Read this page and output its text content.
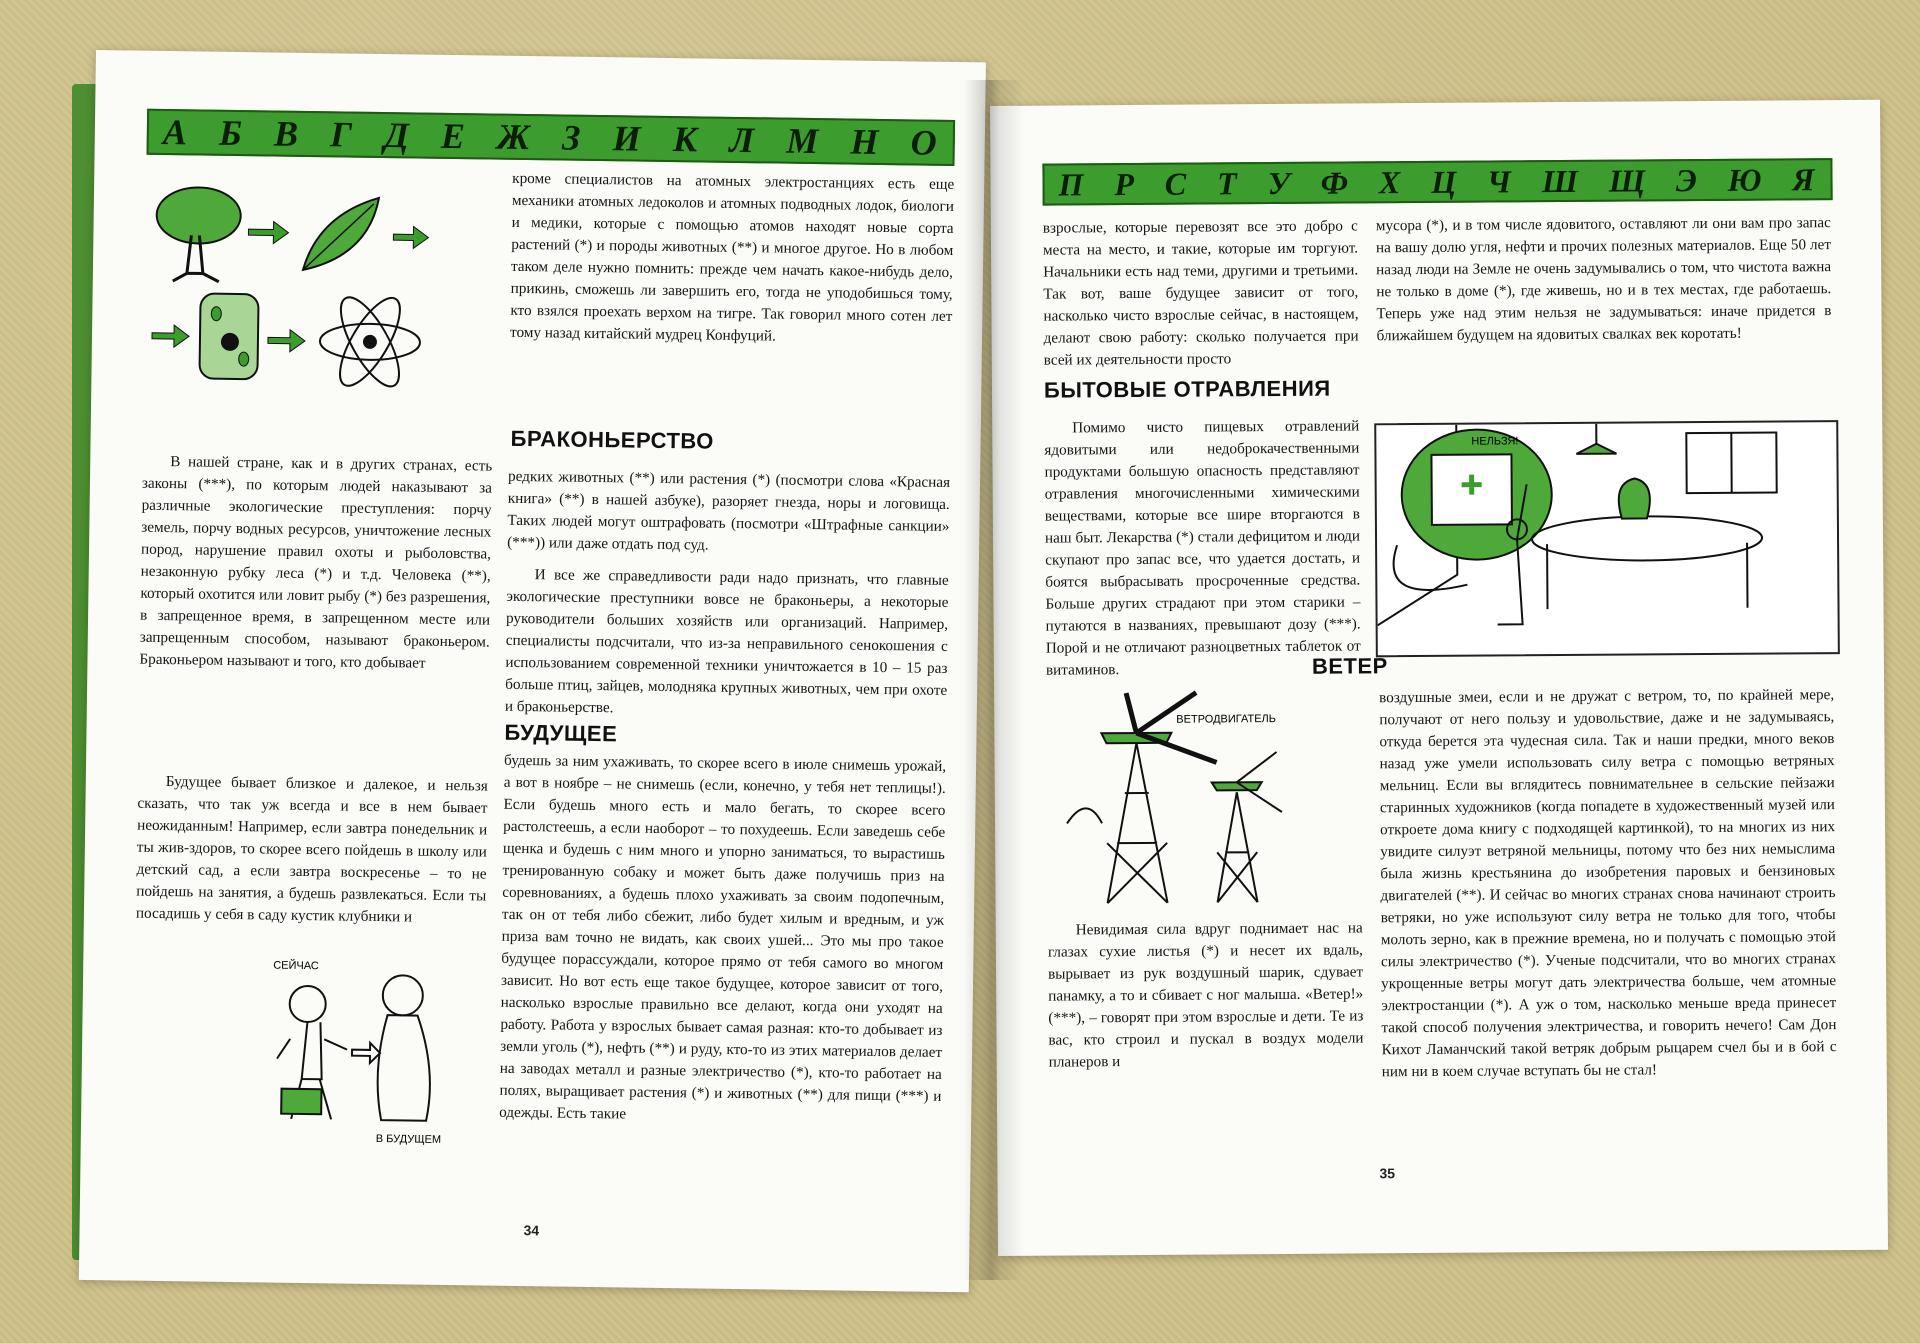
А Б В Г Д Е Ж З И К Л М Н О

кроме специалистов на атомных электростанциях есть еще механики атомных ледоколов и атомных подводных лодок, биологи и медики, которые с помощью атомов находят новые сорта растений (*) и породы животных (**) и многое другое. Но в любом таком деле нужно помнить: прежде чем начать какое-нибудь дело, прикинь, сможешь ли завершить его, тогда не уподобишься тому, кто взялся проехать верхом на тигре. Так говорил много сотен лет тому назад китайский мудрец Конфуций.

БРАКОНЬЕРСТВО

В нашей стране, как и в других странах, есть законы (***), по которым людей наказывают за различные экологические преступления: порчу земель, порчу водных ресурсов, уничтожение лесных пород, нарушение правил охоты и рыболовства, незаконную рубку леса (*) и т.д. Человека (**), который охотится или ловит рыбу (*) без разрешения, в запрещенное время, в запрещенном месте или запрещенным способом, называют браконьером. Браконьером называют и того, кто добывает

редких животных (**) или растения (*) (посмотри слова «Красная книга» (**) в нашей азбуке), разоряет гнезда, норы и логовища. Таких людей могут оштрафовать (посмотри «Штрафные санкции» (***)) или даже отдать под суд.

И все же справедливости ради надо признать, что главные экологические преступники вовсе не браконьеры, а некоторые руководители больших хозяйств или организаций. Например, специалисты подсчитали, что из-за неправильного сенокошения с использованием современной техники уничтожается в 10 – 15 раз больше птиц, зайцев, молодняка крупных животных, чем при охоте и браконьерстве.

БУДУЩЕЕ

Будущее бывает близкое и далекое, и нельзя сказать, что так уж всегда и все в нем бывает неожиданным! Например, если завтра понедельник и ты жив-здоров, то скорее всего пойдешь в школу или детский сад, а если завтра воскресенье – то не пойдешь на занятия, а будешь развлекаться. Если ты посадишь у себя в саду кустик клубники и

будешь за ним ухаживать, то скорее всего в июле снимешь урожай, а вот в ноябре – не снимешь (если, конечно, у тебя нет теплицы!). Если будешь много есть и мало бегать, то скорее всего растолстеешь, а если наоборот – то похудеешь. Если заведешь себе щенка и будешь с ним много и упорно заниматься, то вырастишь тренированную собаку и может быть даже получишь приз на соревнованиях, а будешь плохо ухаживать за своим подопечным, так он от тебя либо сбежит, либо будет хилым и вредным, и уж приза вам точно не видать, как своих ушей... Это мы про такое будущее порассуждали, которое прямо от тебя самого во многом зависит. Но вот есть еще такое будущее, которое зависит от того, насколько взрослые правильно все делают, когда они уходят на работу. Работа у взрослых бывает самая разная: кто-то добывает из земли уголь (*), нефть (**) и руду, кто-то из этих материалов делает на заводах металл и разные электричество (*), кто-то работает на полях, выращивает растения (*) и животных (**) для пищи (***) и одежды. Есть такие

СЕЙЧАС
В БУДУЩЕМ
34
П Р С Т У Ф Х Ц Ч Ш Щ Э Ю Я

взрослые, которые перевозят все это добро с места на место, и такие, которые им торгуют. Начальники есть над теми, другими и третьими. Так вот, ваше будущее зависит от того, насколько чисто взрослые сейчас, в настоящем, делают свою работу: сколько получается при всей их деятельности просто

мусора (*), и в том числе ядовитого, оставляют ли они вам про запас на вашу долю угля, нефти и прочих полезных материалов. Еще 50 лет назад люди на Земле не очень задумывались о том, что чистота важна не только в доме (*), где живешь, но и в тех местах, где работаешь. Теперь уже над этим нельзя не задумываться: иначе придется в ближайшем будущем на ядовитых свалках век коротать!

БЫТОВЫЕ ОТРАВЛЕНИЯ

Помимо чисто пищевых отравлений ядовитыми или недоброкачественными продуктами большую опасность представляют отравления многочисленными химическими веществами, которые все шире вторгаются в наш быт. Лекарства (*) стали дефицитом и люди скупают про запас все, что удается достать, и боятся выбрасывать просроченные средства. Больше других страдают при этом старики – путаются в названиях, превышают дозу (***). Порой и не отличают разноцветных таблеток от витаминов.

НЕЛЬЗЯ!
ВЕТЕР
ВЕТРОДВИГАТЕЛЬ

Невидимая сила вдруг поднимает нас на глазах сухие листья (*) и несет их вдаль, вырывает из рук воздушный шарик, сдувает панамку, а то и сбивает с ног малыша. «Ветер!» (***), – говорят при этом взрослые и дети. Те из вас, кто строил и пускал в воздух модели планеров и

воздушные змеи, если и не дружат с ветром, то, по крайней мере, получают от него пользу и удовольствие, даже и не задумываясь, откуда берется эта чудесная сила. Так и наши предки, много веков назад уже умели использовать силу ветра с помощью ветряных мельниц. Если вы вглядитесь повнимательнее в сельские пейзажи старинных художников (когда попадете в художественный музей или откроете дома книгу с подходящей картинкой), то на многих из них увидите силуэт ветряной мельницы, потому что без них немыслима была жизнь крестьянина до изобретения паровых и бензиновых двигателей (**). И сейчас во многих странах снова начинают строить ветряки, но уже используют силу ветра не только для того, чтобы молоть зерно, как в прежние времена, но и получать с помощью этой силы электричество (*). Ученые подсчитали, что во многих странах укрощенные ветры могут дать электричества больше, чем атомные электростанции (*). А уж о том, насколько меньше вреда принесет такой способ получения электричества, и говорить нечего! Сам Дон Кихот Ламанчский такой ветряк добрым рыцарем счел бы и в бой с ним ни в коем случае вступать бы не стал!

35
